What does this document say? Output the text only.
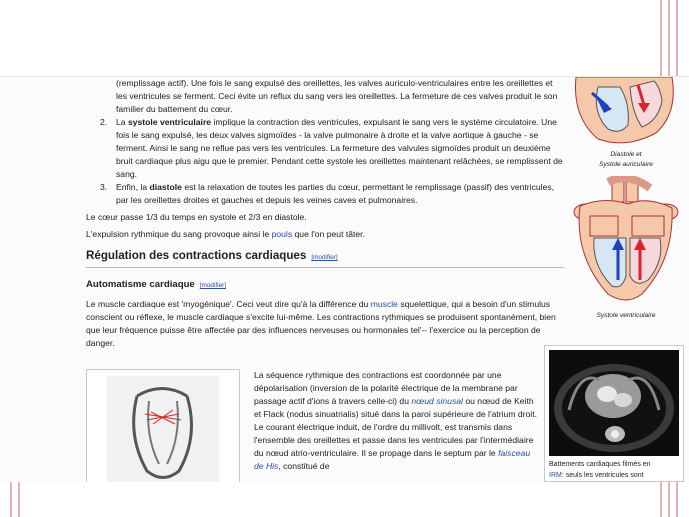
(remplissage actif). Une fois le sang expulsé des oreillettes, les valves auriculo-ventriculaires entre les oreillettes et les ventricules se ferment. Ceci évite un reflux du sang vers les oreillettes. La fermeture de ces valves produit le son familier du battement du cœur.

2. La systole ventriculaire implique la contraction des ventricules, expulsant le sang vers le système circulatoire. Une fois le sang expulsé, les deux valves sigmoïdes - la valve pulmonaire à droite et la valve aortique à gauche - se ferment. Ainsi le sang ne reflue pas vers les ventricules. La fermeture des valvules sigmoïdes produit un deuxième bruit cardiaque plus aigu que le premier. Pendant cette systole les oreillettes maintenant relâchées, se remplissent de sang.
3. Enfin, la diastole est la relaxation de toutes les parties du cœur, permettant le remplissage (passif) des ventricules, par les oreillettes droites et gauches et depuis les veines caves et pulmonaires.

Le cœur passe 1/3 du temps en systole et 2/3 en diastole.

L'expulsion rythmique du sang provoque ainsi le pouls que l'on peut tâter.

Régulation des contractions cardiaques [modifier]
Automatisme cardiaque [modifier]

Le muscle cardiaque est 'myogénique'. Ceci veut dire qu'à la différence du muscle squelettique, qui a besoin d'un stimulus conscient ou réflexe, le muscle cardiaque s'excite lui-même. Les contractions rythmiques se produisent spontanément, bien que leur fréquence puisse être affectée par des influences nerveuses ou hormonales tel'-- l'exercice ou la perception de danger.

La séquence rythmique des contractions est coordonnée par une dépolarisation (inversion de la polarité électrique de la membrane par passage actif d'ions à travers celle-ci) du nœud sinusal ou nœud de Keith et Flack (nodus sinuatrialis) situé dans la paroi supérieure de l'atrium droit. Le courant électrique induit, de l'ordre du millivolt, est transmis dans l'ensemble des oreillettes et passe dans les ventricules par l'intermédiaire du nœud atrio-ventriculaire. Il se propage dans le septum par le faisceau de His, constitué de
Diastole et
Systole auriculaire
Systole ventriculaire
Battements cardiaques filmés en
IRM: seuls les ventricules sont
